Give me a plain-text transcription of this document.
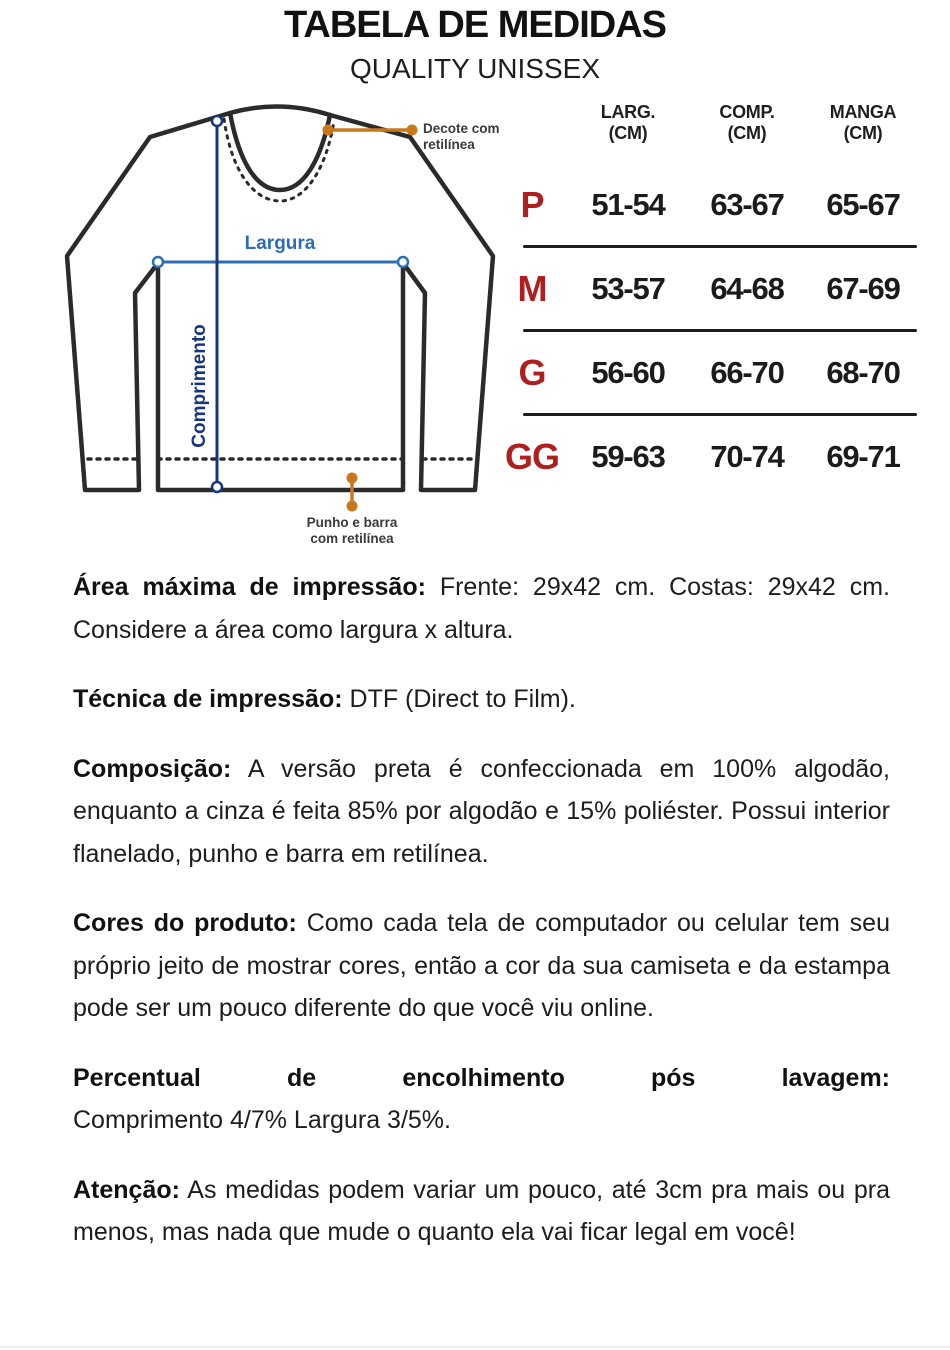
TABELA DE MEDIDAS
QUALITY UNISSEX
Largura
Comprimento
Decote com
retilínea
Punho e barra
com retilínea
LARG.
(CM)
COMP.
(CM)
MANGA
(CM)
P	51-54	63-67	65-67
M	53-57	64-68	67-69
G	56-60	66-70	68-70
GG	59-63	70-74	69-71

Área máxima de impressão: Frente: 29x42 cm. Costas: 29x42 cm. Considere a área como largura x altura.

Técnica de impressão: DTF (Direct to Film).

Composição: A versão preta é confeccionada em 100% algodão, enquanto a cinza é feita 85% por algodão e 15% poliéster. Possui interior flanelado, punho e barra em retilínea.

Cores do produto: Como cada tela de computador ou celular tem seu próprio jeito de mostrar cores, então a cor da sua camiseta e da estampa pode ser um pouco diferente do que você viu online.

Percentual de encolhimento pós lavagem:
Comprimento 4/7% Largura 3/5%.

Atenção: As medidas podem variar um pouco, até 3cm pra mais ou pra menos, mas nada que mude o quanto ela vai ficar legal em você!
